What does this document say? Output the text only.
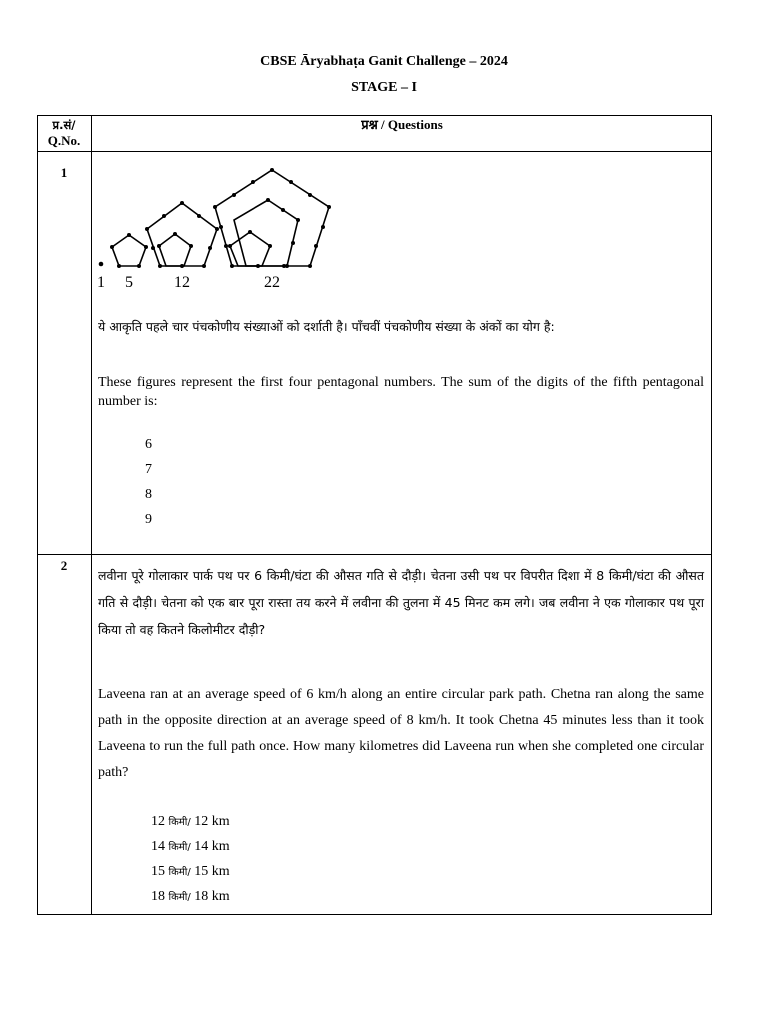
CBSE Āryabhaṭa Ganit Challenge – 2024
STAGE – I
प्र.सं/
Q.No.
प्रश्न / Questions
1
1 5	12	22
ये आकृति पहले चार पंचकोणीय संख्याओं को दर्शाती है। पाँचवीं पंचकोणीय संख्या के अंकों का योग है:
These figures represent the first four pentagonal numbers. The sum of the digits of the fifth pentagonal number is:
6
7
8
9
2
लवीना पूरे गोलाकार पार्क पथ पर 6 किमी/घंटा की औसत गति से दौड़ी। चेतना उसी पथ पर विपरीत दिशा में 8 किमी/घंटा की औसत गति से दौड़ी। चेतना को एक बार पूरा रास्ता तय करने में लवीना की तुलना में 45 मिनट कम लगे। जब लवीना ने एक गोलाकार पथ पूरा किया तो वह कितने किलोमीटर दौड़ी?
Laveena ran at an average speed of 6 km/h along an entire circular park path. Chetna ran along the same path in the opposite direction at an average speed of 8 km/h. It took Chetna 45 minutes less than it took Laveena to run the full path once. How many kilometres did Laveena run when she completed one circular path?
12 किमी/ 12 km
14 किमी/ 14 km
15 किमी/ 15 km
18 किमी/ 18 km
